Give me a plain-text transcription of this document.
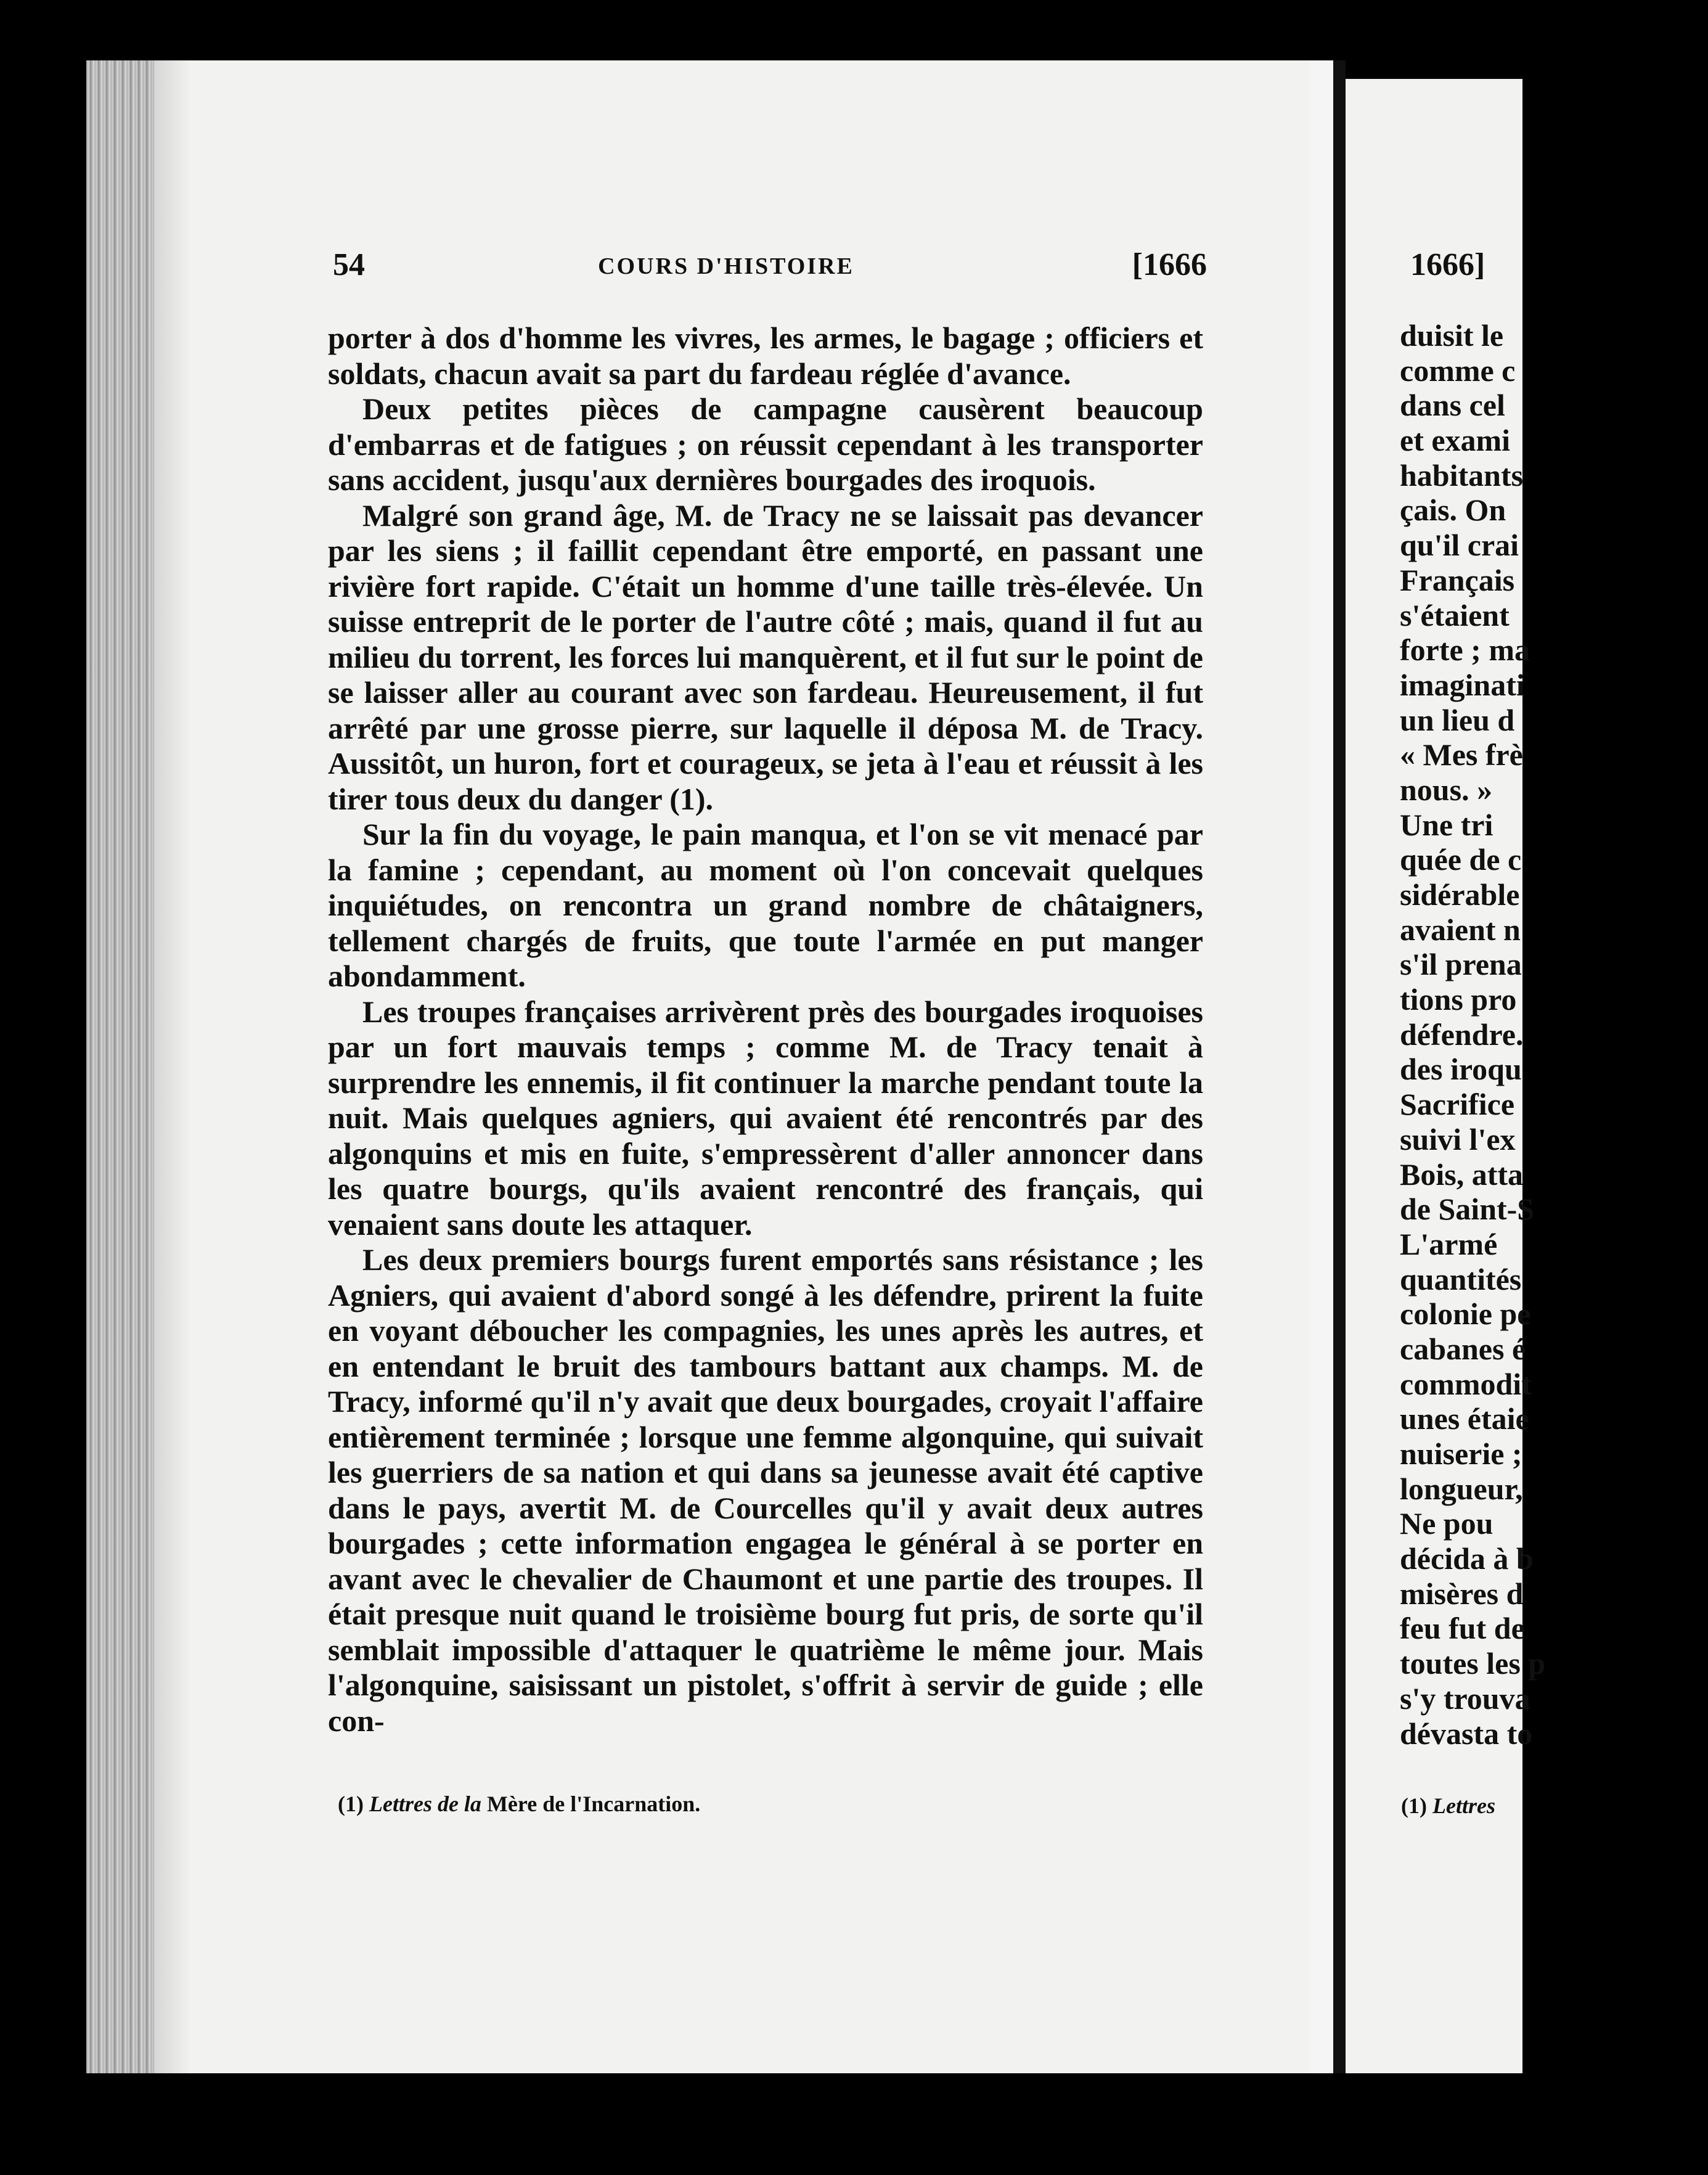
54	COURS D'HISTOIRE	[1666

porter à dos d'homme les vivres, les armes, le bagage ; officiers et soldats, chacun avait sa part du fardeau réglée d'avance.

Deux petites pièces de campagne causèrent beaucoup d'embarras et de fatigues ; on réussit cependant à les transporter sans accident, jusqu'aux dernières bourgades des iroquois.

Malgré son grand âge, M. de Tracy ne se laissait pas devancer par les siens ; il faillit cependant être emporté, en passant une rivière fort rapide. C'était un homme d'une taille très-élevée. Un suisse entreprit de le porter de l'autre côté ; mais, quand il fut au milieu du torrent, les forces lui manquèrent, et il fut sur le point de se laisser aller au courant avec son fardeau. Heureusement, il fut arrêté par une grosse pierre, sur laquelle il déposa M. de Tracy. Aussitôt, un huron, fort et courageux, se jeta à l'eau et réussit à les tirer tous deux du danger (1).

Sur la fin du voyage, le pain manqua, et l'on se vit menacé par la famine ; cependant, au moment où l'on concevait quelques inquiétudes, on rencontra un grand nombre de châtaigners, tellement chargés de fruits, que toute l'armée en put manger abondamment.

Les troupes françaises arrivèrent près des bourgades iroquoises par un fort mauvais temps ; comme M. de Tracy tenait à surprendre les ennemis, il fit continuer la marche pendant toute la nuit. Mais quelques agniers, qui avaient été rencontrés par des algonquins et mis en fuite, s'empressèrent d'aller annoncer dans les quatre bourgs, qu'ils avaient rencontré des français, qui venaient sans doute les attaquer.

Les deux premiers bourgs furent emportés sans résistance ; les Agniers, qui avaient d'abord songé à les défendre, prirent la fuite en voyant déboucher les compagnies, les unes après les autres, et en entendant le bruit des tambours battant aux champs. M. de Tracy, informé qu'il n'y avait que deux bourgades, croyait l'affaire entièrement terminée ; lorsque une femme algonquine, qui suivait les guerriers de sa nation et qui dans sa jeunesse avait été captive dans le pays, avertit M. de Courcelles qu'il y avait deux autres bourgades ; cette information engagea le général à se porter en avant avec le chevalier de Chaumont et une partie des troupes. Il était presque nuit quand le troisième bourg fut pris, de sorte qu'il semblait impossible d'attaquer le quatrième le même jour. Mais l'algonquine, saisissant un pistolet, s'offrit à servir de guide ; elle con-

(1) Lettres de la Mère de l'Incarnation.
1666]
duisit le
comme c
dans cel
et exami
habitants
çais. On
qu'il crai
Français
s'étaient
forte ; ma
imaginati
un lieu d
« Mes frè
nous. »
Une tri
quée de c
sidérable
avaient n
s'il prena
tions pro
défendre.
des iroqu
Sacrifice
suivi l'ex
Bois, atta
de Saint-S
L'armé
quantités
colonie pe
cabanes é
commodit
unes étaie
nuiserie ;
longueur,
Ne pou
décida à b
misères d
feu fut de
toutes les p
s'y trouva
dévasta to
(1) Lettres
